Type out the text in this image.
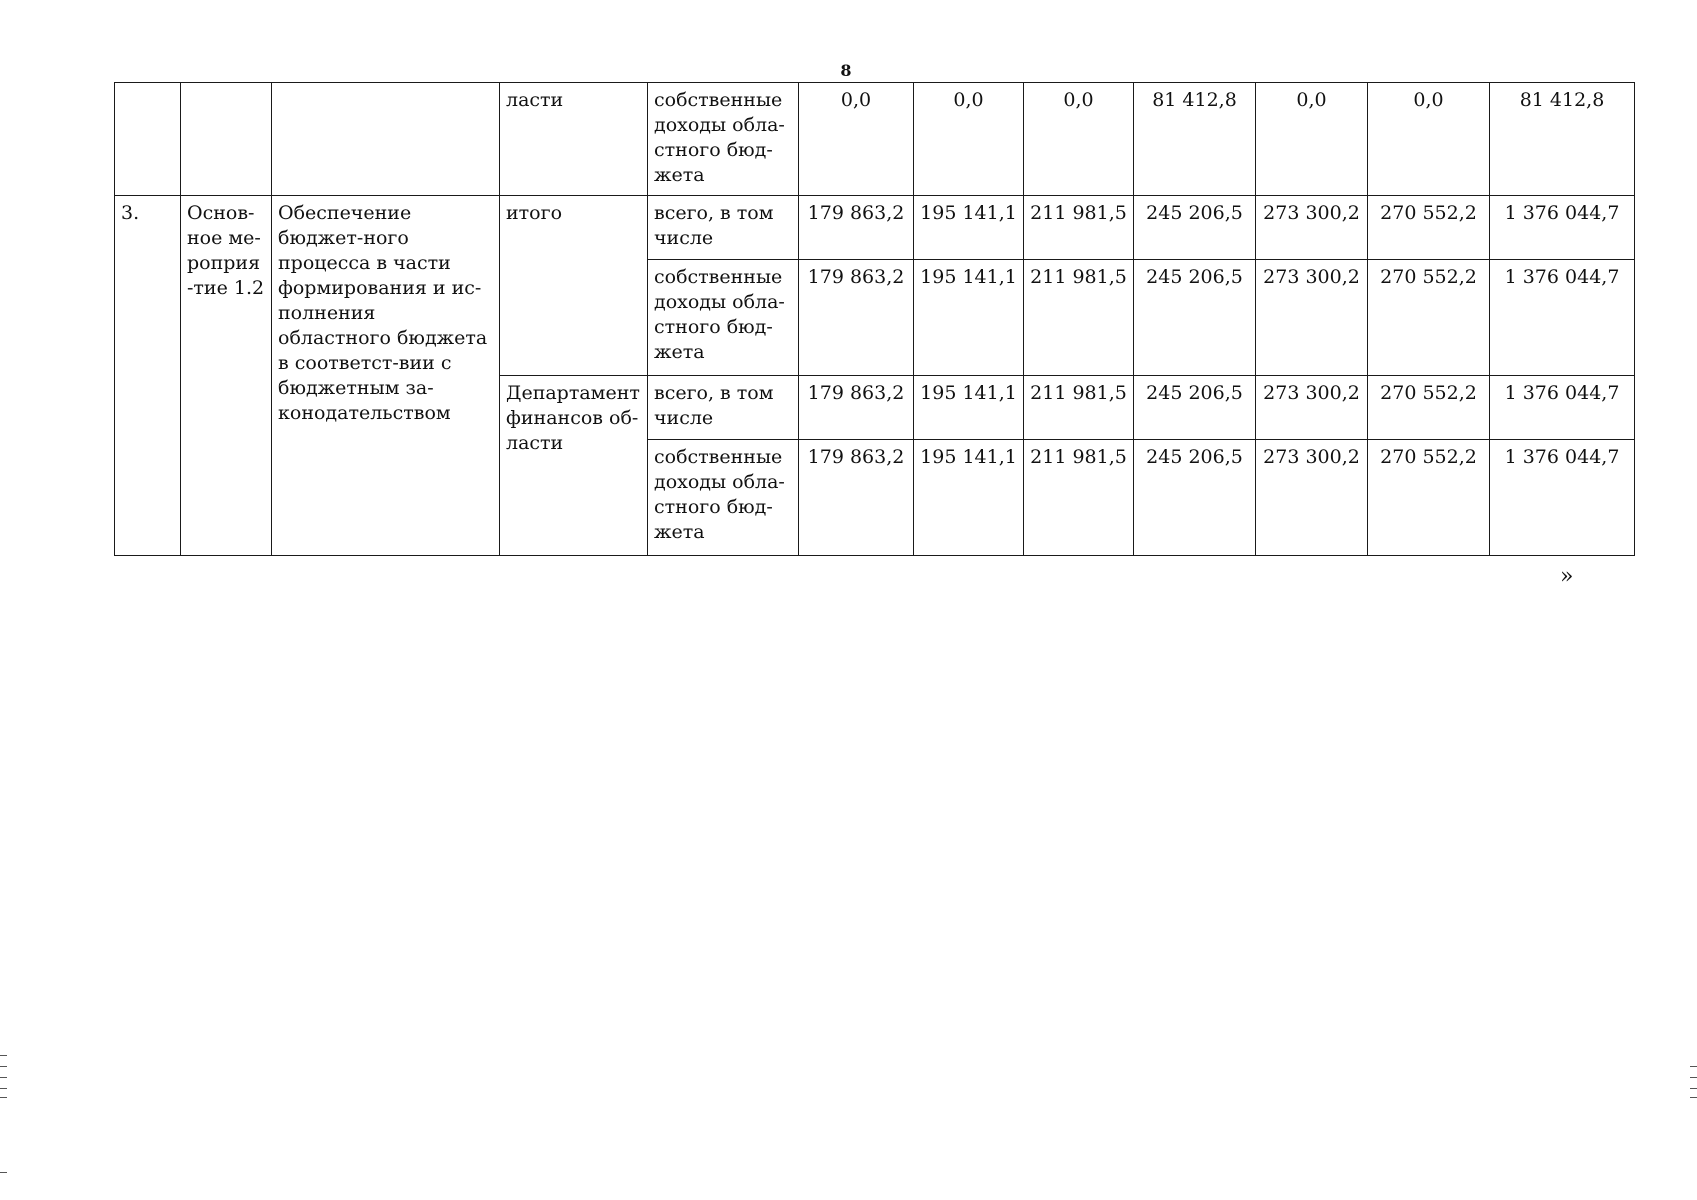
8
			ласти	собственные доходы обла-стного бюд-жета	0,0	0,0	0,0	81 412,8	0,0	0,0	81 412,8
3.	Основ-ное ме-роприя-тие 1.2	Обеспечение бюджет-ного процесса в части формирования и ис-полнения областного бюджета в соответст-вии с бюджетным за-конодательством	итого	всего, в том числе	179 863,2	195 141,1	211 981,5	245 206,5	273 300,2	270 552,2	1 376 044,7
				собственные доходы обла-стного бюд-жета	179 863,2	195 141,1	211 981,5	245 206,5	273 300,2	270 552,2	1 376 044,7
			Департамент финансов об-ласти	всего, в том числе	179 863,2	195 141,1	211 981,5	245 206,5	273 300,2	270 552,2	1 376 044,7
				собственные доходы обла-стного бюд-жета	179 863,2	195 141,1	211 981,5	245 206,5	273 300,2	270 552,2	1 376 044,7
»
